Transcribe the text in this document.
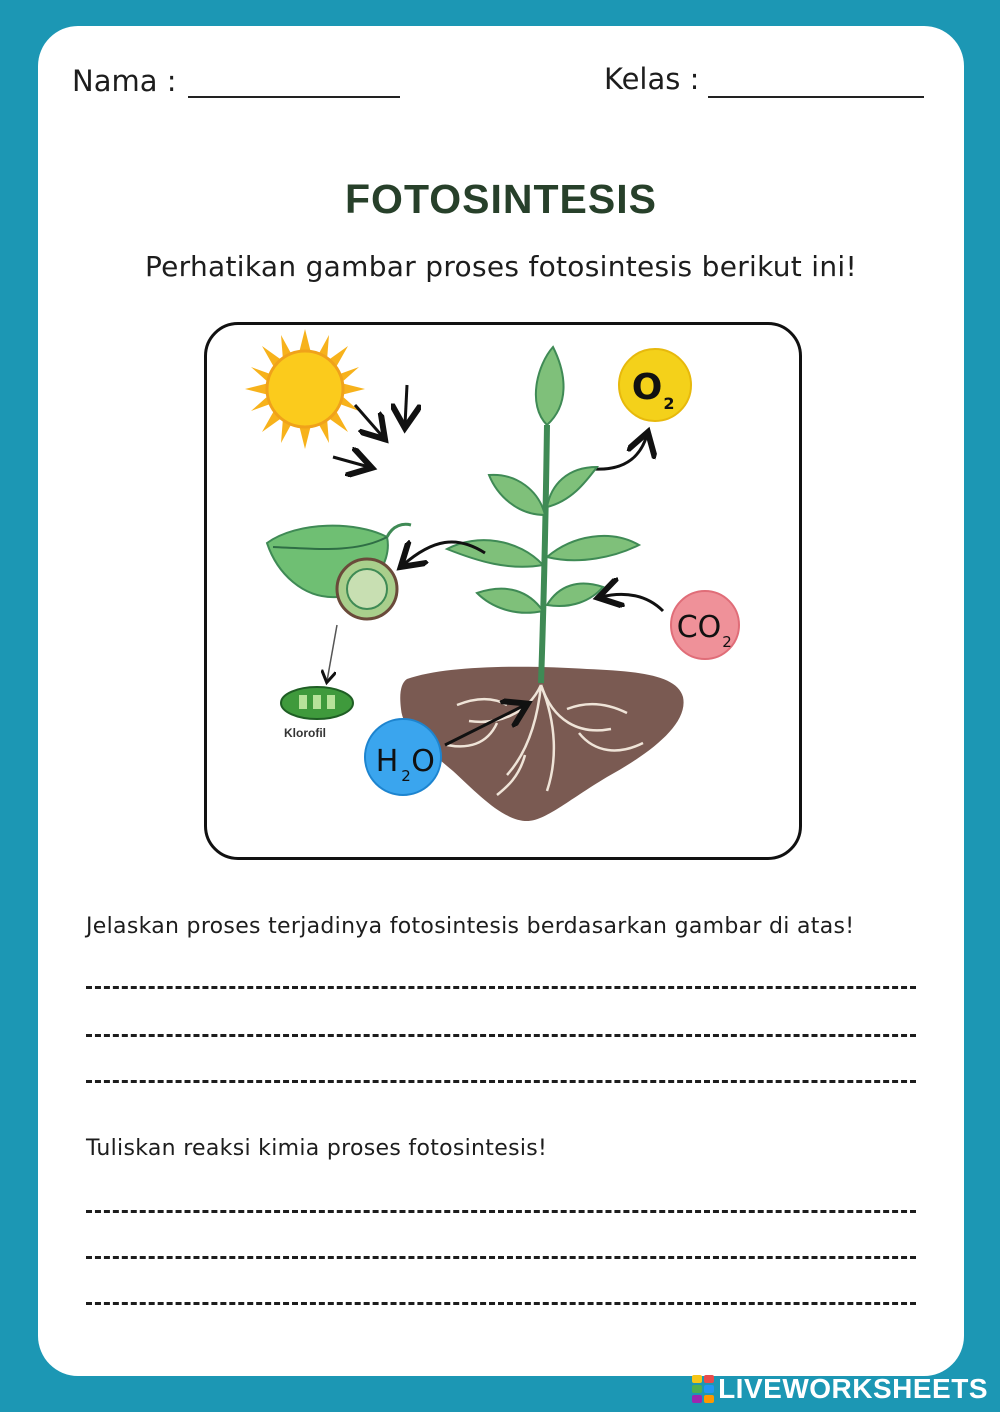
Nama :	Kelas :
FOTOSINTESIS
Perhatikan gambar proses fotosintesis berikut ini!
O 2
CO 2
Klorofil
H 2 O
Jelaskan proses terjadinya fotosintesis berdasarkan gambar di atas!
Tuliskan reaksi kimia proses fotosintesis!
LIVEWORKSHEETS
